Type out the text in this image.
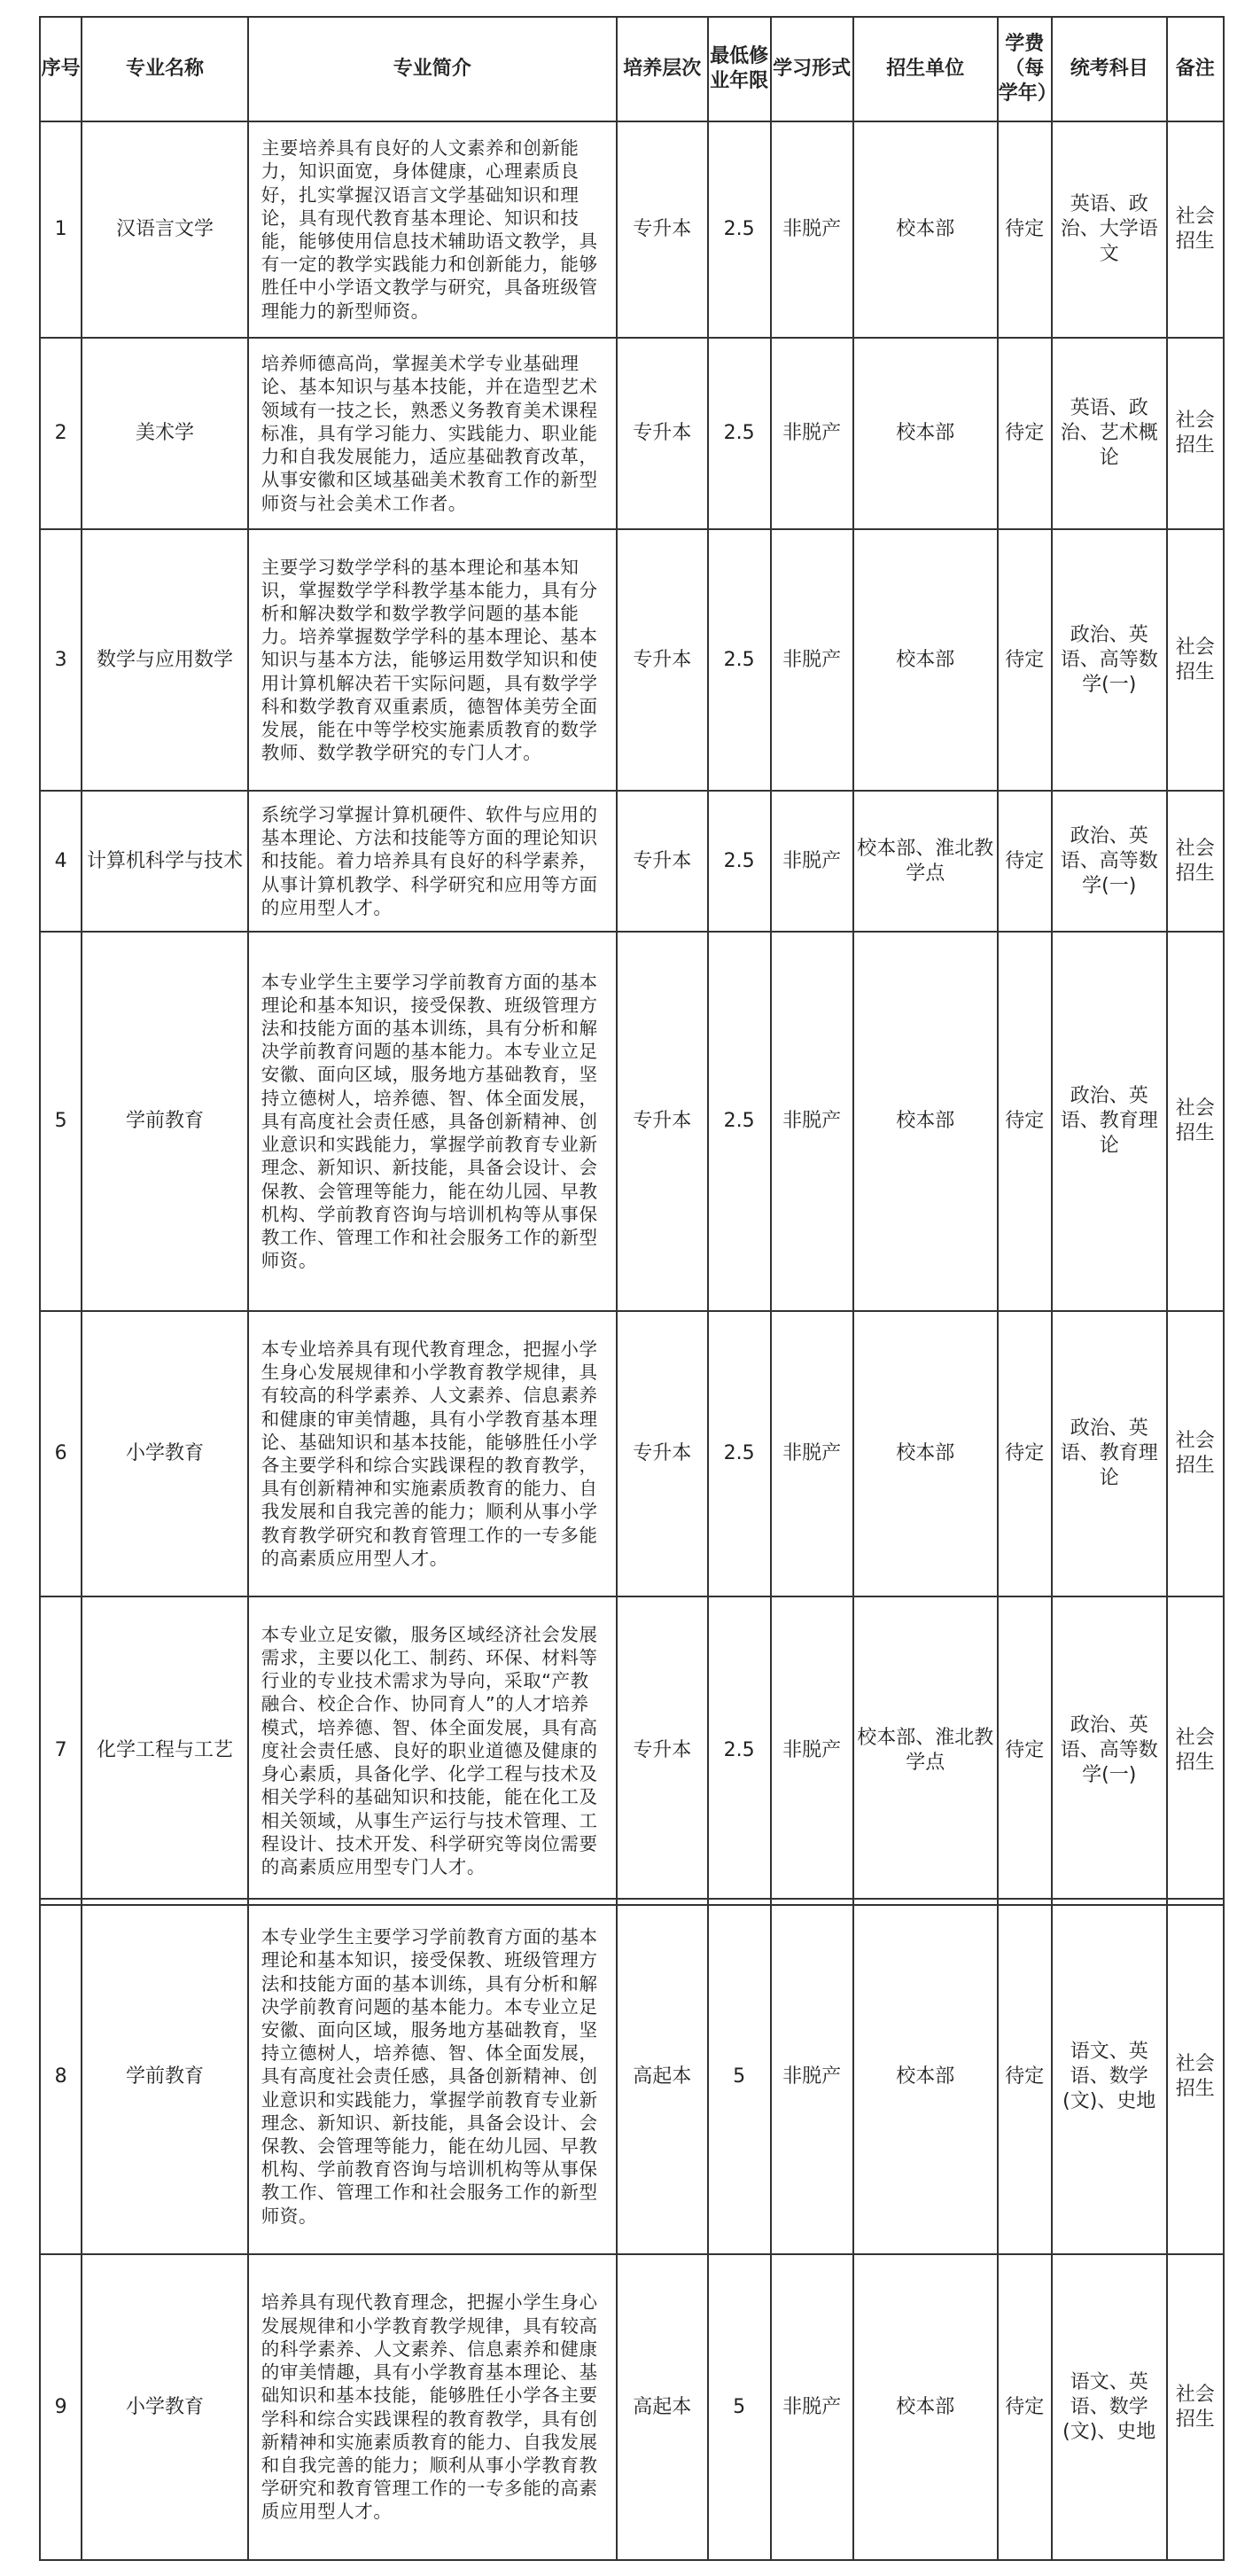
序号	专业名称	专业简介	培养层次	最低修业年限	学习形式	招生单位	学费（每学年）	统考科目	备注
1	汉语言文学	主要培养具有良好的人文素养和创新能力，知识面宽，身体健康，心理素质良好，扎实掌握汉语言文学基础知识和理论，具有现代教育基本理论、知识和技能，能够使用信息技术辅助语文教学，具有一定的教学实践能力和创新能力，能够胜任中小学语文教学与研究，具备班级管理能力的新型师资。	专升本	2.5	非脱产	校本部	待定	英语、政治、大学语文	社会招生
2	美术学	培养师德高尚，掌握美术学专业基础理论、基本知识与基本技能，并在造型艺术领域有一技之长，熟悉义务教育美术课程标准，具有学习能力、实践能力、职业能力和自我发展能力，适应基础教育改革，从事安徽和区域基础美术教育工作的新型师资与社会美术工作者。	专升本	2.5	非脱产	校本部	待定	英语、政治、艺术概论	社会招生
3	数学与应用数学	主要学习数学学科的基本理论和基本知识，掌握数学学科教学基本能力，具有分析和解决数学和数学教学问题的基本能力。培养掌握数学学科的基本理论、基本知识与基本方法，能够运用数学知识和使用计算机解决若干实际问题，具有数学学科和数学教育双重素质，德智体美劳全面发展，能在中等学校实施素质教育的数学教师、数学教学研究的专门人才。	专升本	2.5	非脱产	校本部	待定	政治、英语、高等数学(一)	社会招生
4	计算机科学与技术	系统学习掌握计算机硬件、软件与应用的基本理论、方法和技能等方面的理论知识和技能。着力培养具有良好的科学素养，从事计算机教学、科学研究和应用等方面的应用型人才。	专升本	2.5	非脱产	校本部、淮北教学点	待定	政治、英语、高等数学(一)	社会招生
5	学前教育	本专业学生主要学习学前教育方面的基本理论和基本知识，接受保教、班级管理方法和技能方面的基本训练，具有分析和解决学前教育问题的基本能力。本专业立足安徽、面向区域，服务地方基础教育，坚持立德树人，培养德、智、体全面发展，具有高度社会责任感，具备创新精神、创业意识和实践能力，掌握学前教育专业新理念、新知识、新技能，具备会设计、会保教、会管理等能力，能在幼儿园、早教机构、学前教育咨询与培训机构等从事保教工作、管理工作和社会服务工作的新型师资。	专升本	2.5	非脱产	校本部	待定	政治、英语、教育理论	社会招生
6	小学教育	本专业培养具有现代教育理念，把握小学生身心发展规律和小学教育教学规律，具有较高的科学素养、人文素养、信息素养和健康的审美情趣，具有小学教育基本理论、基础知识和基本技能，能够胜任小学各主要学科和综合实践课程的教育教学，具有创新精神和实施素质教育的能力、自我发展和自我完善的能力；顺利从事小学教育教学研究和教育管理工作的一专多能的高素质应用型人才。	专升本	2.5	非脱产	校本部	待定	政治、英语、教育理论	社会招生
7	化学工程与工艺	本专业立足安徽，服务区域经济社会发展需求，主要以化工、制药、环保、材料等行业的专业技术需求为导向，采取“产教融合、校企合作、协同育人”的人才培养模式，培养德、智、体全面发展，具有高度社会责任感、良好的职业道德及健康的身心素质，具备化学、化学工程与技术及相关学科的基础知识和技能，能在化工及相关领域，从事生产运行与技术管理、工程设计、技术开发、科学研究等岗位需要的高素质应用型专门人才。	专升本	2.5	非脱产	校本部、淮北教学点	待定	政治、英语、高等数学(一)	社会招生
8	学前教育	本专业学生主要学习学前教育方面的基本理论和基本知识，接受保教、班级管理方法和技能方面的基本训练，具有分析和解决学前教育问题的基本能力。本专业立足安徽、面向区域，服务地方基础教育，坚持立德树人，培养德、智、体全面发展，具有高度社会责任感，具备创新精神、创业意识和实践能力，掌握学前教育专业新理念、新知识、新技能，具备会设计、会保教、会管理等能力，能在幼儿园、早教机构、学前教育咨询与培训机构等从事保教工作、管理工作和社会服务工作的新型师资。	高起本	5	非脱产	校本部	待定	语文、英语、数学(文)、史地	社会招生
9	小学教育	培养具有现代教育理念，把握小学生身心发展规律和小学教育教学规律，具有较高的科学素养、人文素养、信息素养和健康的审美情趣，具有小学教育基本理论、基础知识和基本技能，能够胜任小学各主要学科和综合实践课程的教育教学，具有创新精神和实施素质教育的能力、自我发展和自我完善的能力；顺利从事小学教育教学研究和教育管理工作的一专多能的高素质应用型人才。	高起本	5	非脱产	校本部	待定	语文、英语、数学(文)、史地	社会招生
